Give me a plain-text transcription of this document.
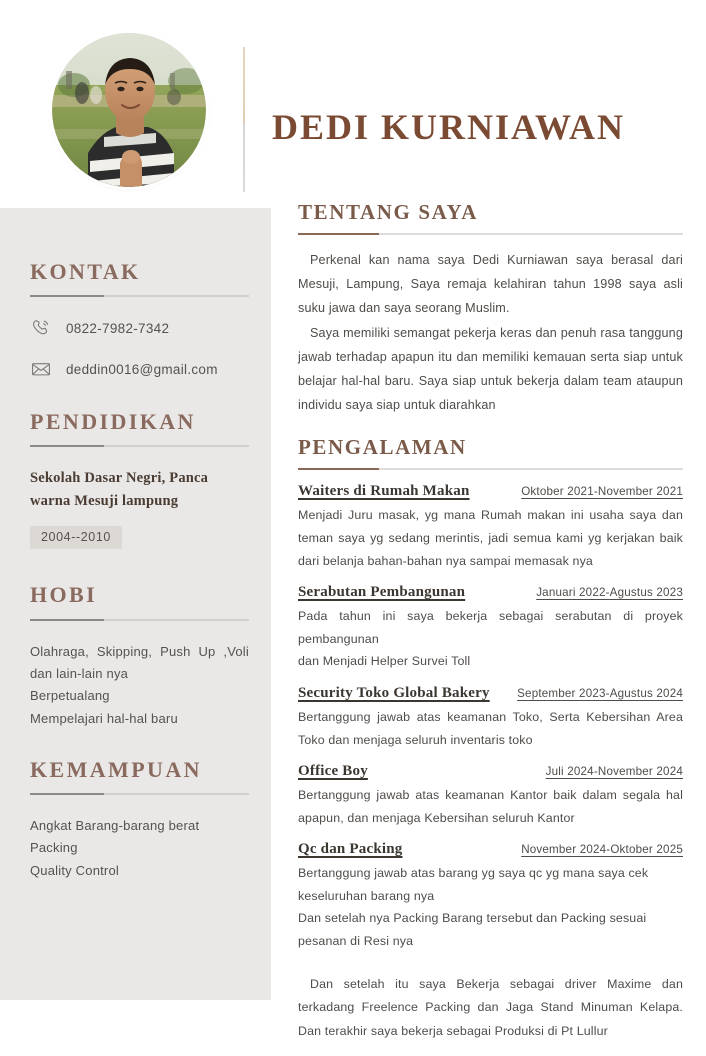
KONTAK
0822-7982-7342
deddin0016@gmail.com
PENDIDIKAN

Sekolah Dasar Negri, Panca warna Mesuji lampung

2004--2010
HOBI
Olahraga, Skipping, Push Up ,Voli dan lain-lain nya
Berpetualang
Mempelajari hal-hal baru
KEMAMPUAN
Angkat Barang-barang berat
Packing
Quality Control
DEDI KURNIAWAN
TENTANG SAYA

Perkenal kan nama saya Dedi Kurniawan saya berasal dari Mesuji, Lampung, Saya remaja kelahiran tahun 1998 saya asli suku jawa dan saya seorang Muslim.

Saya memiliki semangat pekerja keras dan penuh rasa tanggung jawab terhadap apapun itu dan memiliki kemauan serta siap untuk belajar hal-hal baru. Saya siap untuk bekerja dalam team ataupun individu saya siap untuk diarahkan

PENGALAMAN
Waiters di Rumah Makan	Oktober 2021-November 2021

Menjadi Juru masak, yg mana Rumah makan ini usaha saya dan teman saya yg sedang merintis, jadi semua kami yg kerjakan baik dari belanja bahan-bahan nya sampai memasak nya

Serabutan Pembangunan	Januari 2022-Agustus 2023

Pada tahun ini saya bekerja sebagai serabutan di proyek pembangunan

dan Menjadi Helper Survei Toll

Security Toko Global Bakery September 2023-Agustus 2024

Bertanggung jawab atas keamanan Toko, Serta Kebersihan Area Toko dan menjaga seluruh inventaris toko

Office Boy	Juli 2024-November 2024

Bertanggung jawab atas keamanan Kantor baik dalam segala hal apapun, dan menjaga Kebersihan seluruh Kantor

Qc dan Packing	November 2024-Oktober 2025

Bertanggung jawab atas barang yg saya qc yg mana saya cek keseluruhan barang nya

Dan setelah nya Packing Barang tersebut dan Packing sesuai pesanan di Resi nya

Dan setelah itu saya Bekerja sebagai driver Maxime dan terkadang Freelence Packing dan Jaga Stand Minuman Kelapa. Dan terakhir saya bekerja sebagai Produksi di Pt Lullur
